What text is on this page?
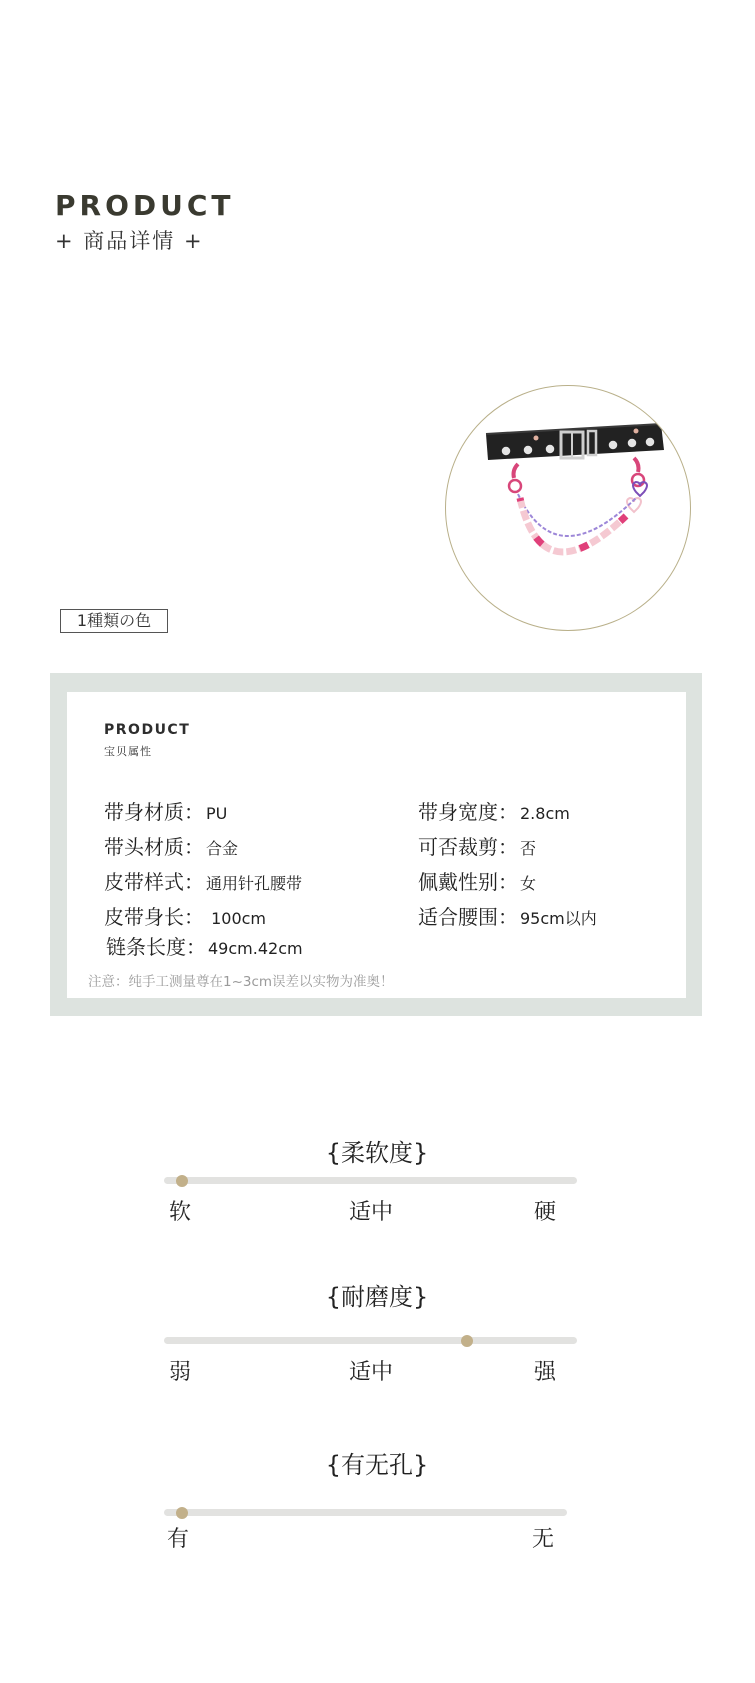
PRODUCT
+ 商品详情 +
1種類の色
PRODUCT
宝贝属性
带身材质： PU
带头材质： 合金
皮带样式： 通用针孔腰带
皮带身长： 100cm
链条长度： 49cm.42cm
带身宽度： 2.8cm
可否裁剪： 否
佩戴性别： 女
适合腰围： 95cm以内
注意：纯手工测量尊在1~3cm误差以实物为准奥！
{柔软度}
软	适中	硬
{耐磨度}
弱	适中	强
{有无孔}
有	无
